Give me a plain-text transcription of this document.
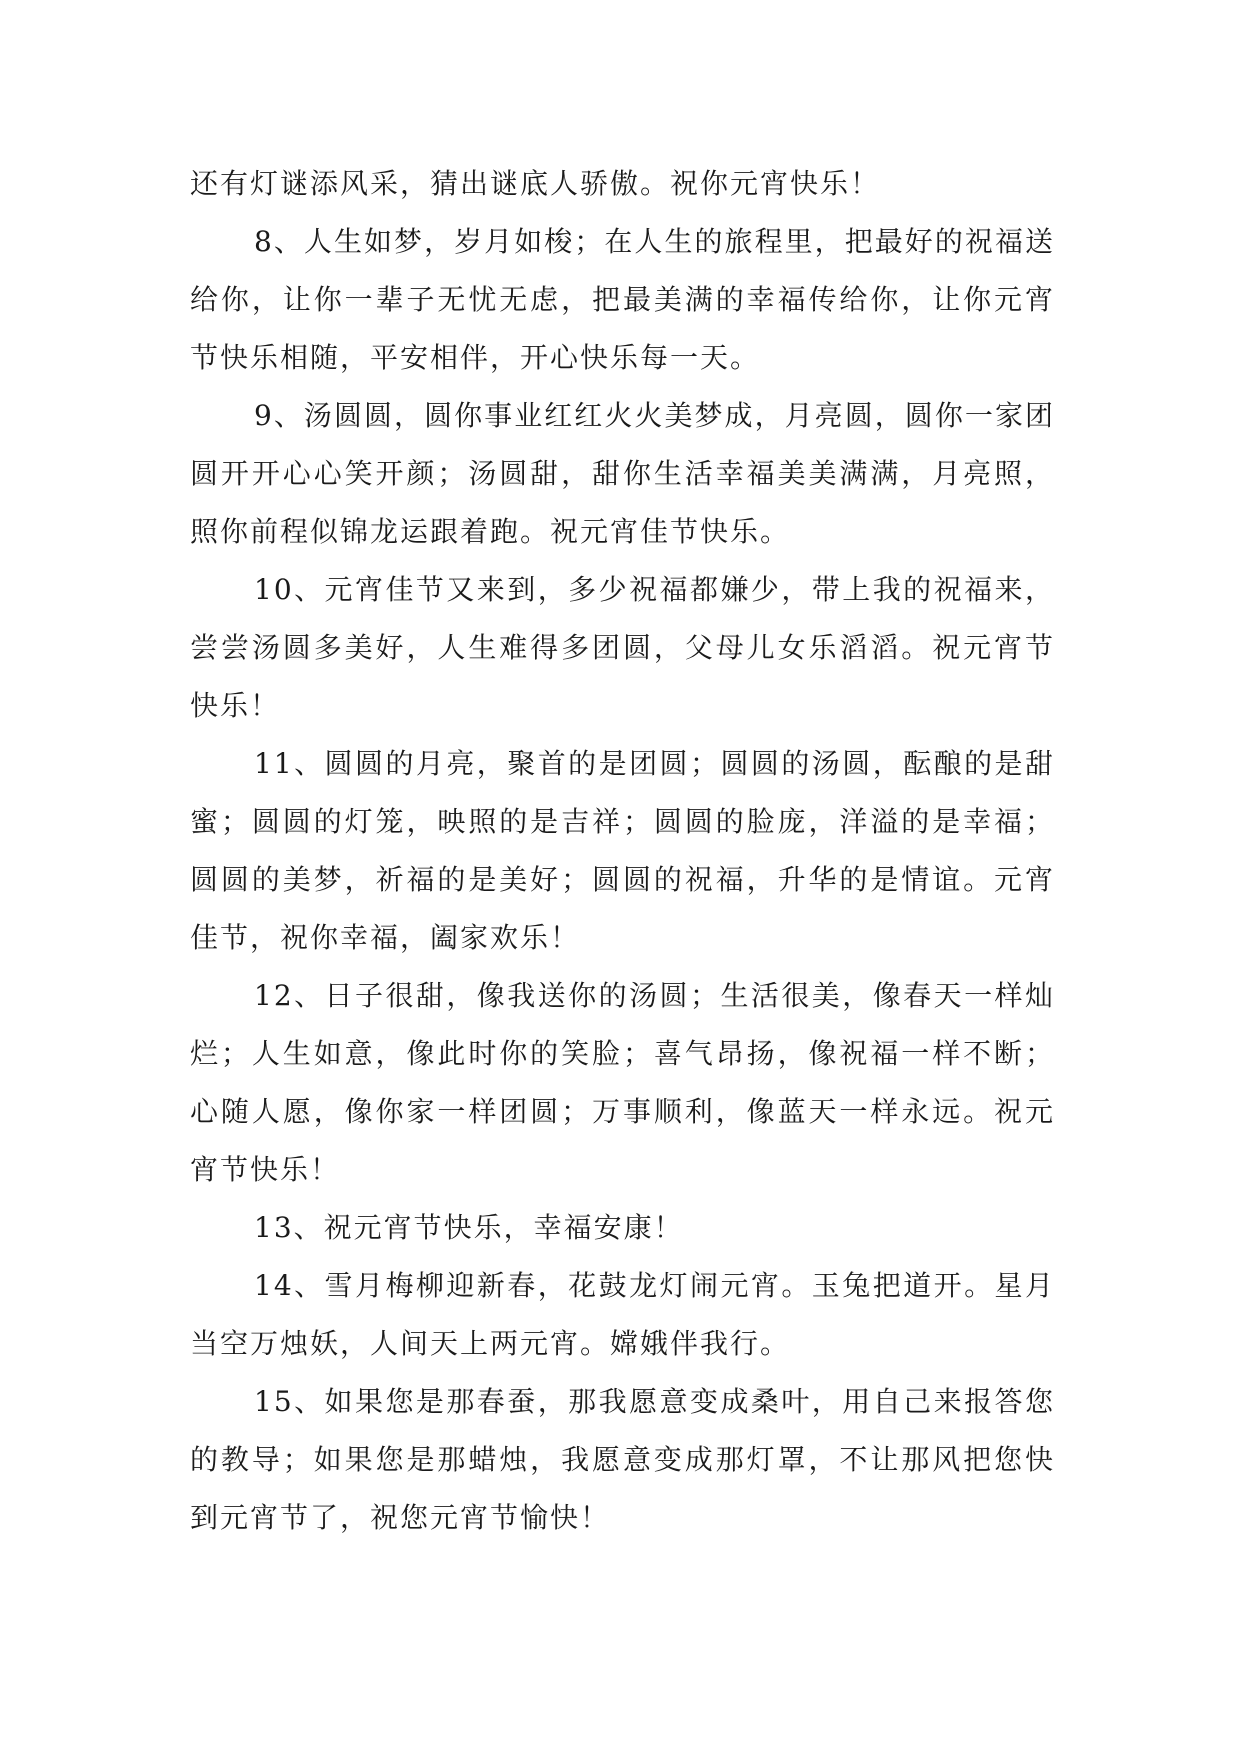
还有灯谜添风采，猜出谜底人骄傲。祝你元宵快乐！

8、人生如梦，岁月如梭；在人生的旅程里，把最好的祝福送给你，让你一辈子无忧无虑，把最美满的幸福传给你，让你元宵节快乐相随，平安相伴，开心快乐每一天。

9、汤圆圆，圆你事业红红火火美梦成，月亮圆，圆你一家团圆开开心心笑开颜；汤圆甜，甜你生活幸福美美满满，月亮照，照你前程似锦龙运跟着跑。祝元宵佳节快乐。

10、元宵佳节又来到，多少祝福都嫌少，带上我的祝福来，尝尝汤圆多美好，人生难得多团圆，父母儿女乐滔滔。祝元宵节快乐！

11、圆圆的月亮，聚首的是团圆；圆圆的汤圆，酝酿的是甜蜜；圆圆的灯笼，映照的是吉祥；圆圆的脸庞，洋溢的是幸福；圆圆的美梦，祈福的是美好；圆圆的祝福，升华的是情谊。元宵佳节，祝你幸福，阖家欢乐！

12、日子很甜，像我送你的汤圆；生活很美，像春天一样灿烂；人生如意，像此时你的笑脸；喜气昂扬，像祝福一样不断；心随人愿，像你家一样团圆；万事顺利，像蓝天一样永远。祝元宵节快乐！

13、祝元宵节快乐，幸福安康！

14、雪月梅柳迎新春，花鼓龙灯闹元宵。玉兔把道开。星月当空万烛妖，人间天上两元宵。嫦娥伴我行。

15、如果您是那春蚕，那我愿意变成桑叶，用自己来报答您的教导；如果您是那蜡烛，我愿意变成那灯罩，不让那风把您快到元宵节了，祝您元宵节愉快！
